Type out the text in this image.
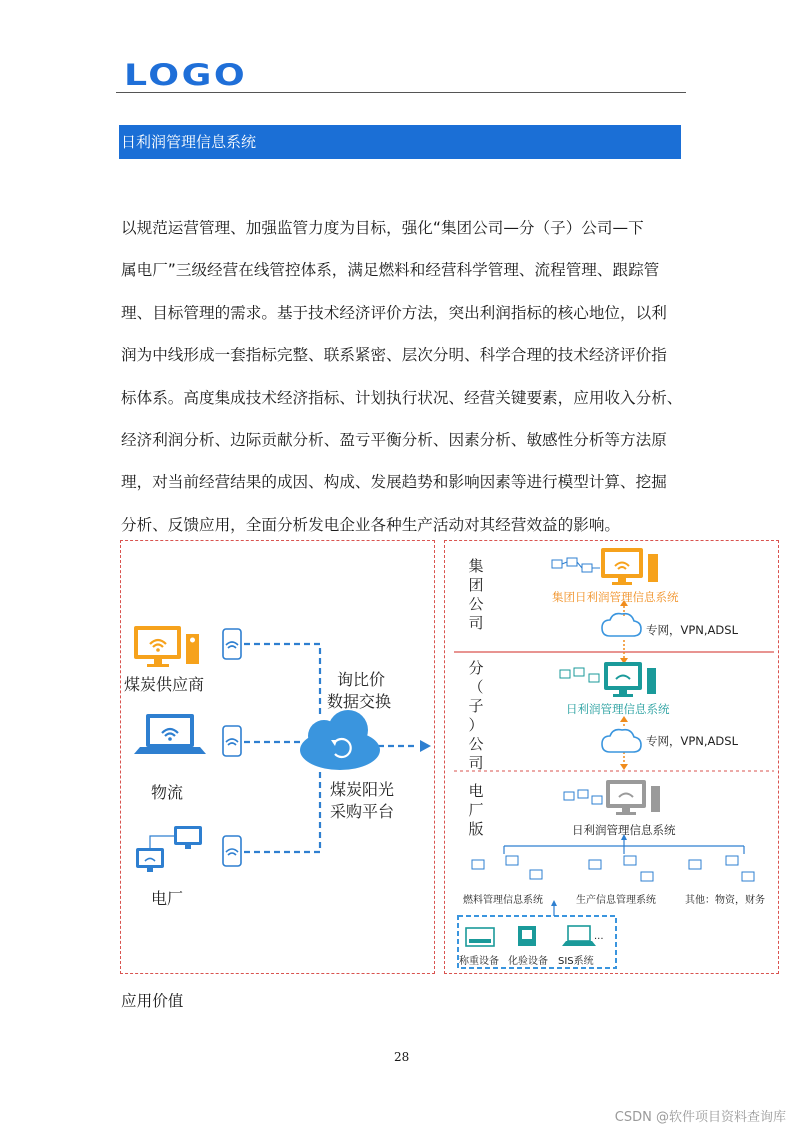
LOGO
日利润管理信息系统

以规范运营管理、加强监管力度为目标，强化“集团公司—分（子）公司—下

属电厂”三级经营在线管控体系，满足燃料和经营科学管理、流程管理、跟踪管

理、目标管理的需求。基于技术经济评价方法，突出利润指标的核心地位，以利

润为中线形成一套指标完整、联系紧密、层次分明、科学合理的技术经济评价指

标体系。高度集成技术经济指标、计划执行状况、经营关键要素，应用收入分析、

经济利润分析、边际贡献分析、盈亏平衡分析、因素分析、敏感性分析等方法原

理，对当前经营结果的成因、构成、发展趋势和影响因素等进行模型计算、挖掘

分析、反馈应用，全面分析发电企业各种生产活动对其经营效益的影响。

煤炭供应商
物流
电厂
询比价
数据交换
煤炭阳光
采购平台
集
团
公
司
分
（
子
）
公
司
电
厂
版
集团日利润管理信息系统
专网，VPN,ADSL
日利润管理信息系统
专网，VPN,ADSL
日利润管理信息系统
燃料管理信息系统	生产信息管理系统	其他：物资，财务
称重设备 化验设备 SIS系统
...
应用价值
28
CSDN @软件项目资料查询库
